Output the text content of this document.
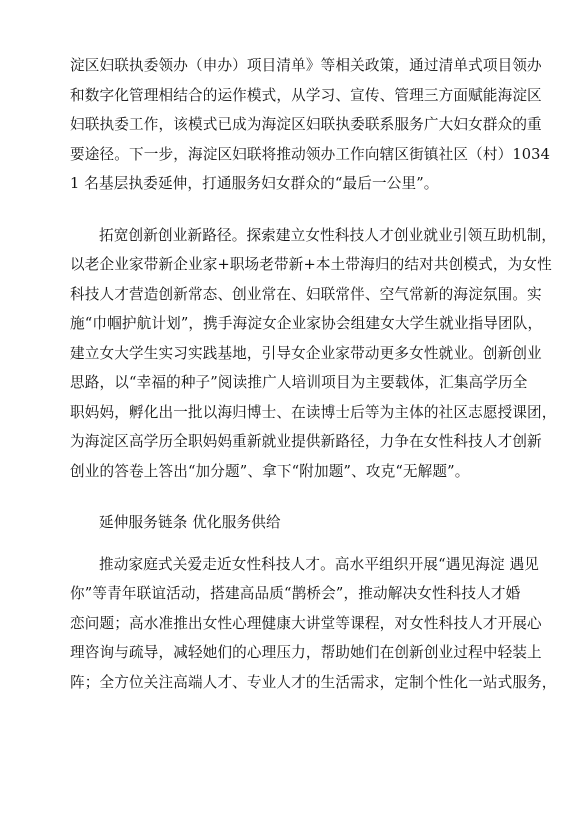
淀区妇联执委领办（申办）项目清单》等相关政策，通过清单式项目领办
和数字化管理相结合的运作模式，从学习、宣传、管理三方面赋能海淀区
妇联执委工作，该模式已成为海淀区妇联执委联系服务广大妇女群众的重
要途径。下一步，海淀区妇联将推动领办工作向辖区街镇社区（村）1034
1 名基层执委延伸，打通服务妇女群众的“最后一公里”。
拓宽创新创业新路径。探索建立女性科技人才创业就业引领互助机制，
以老企业家带新企业家+职场老带新+本土带海归的结对共创模式，为女性
科技人才营造创新常态、创业常在、妇联常伴、空气常新的海淀氛围。实
施“巾帼护航计划”，携手海淀女企业家协会组建女大学生就业指导团队，
建立女大学生实习实践基地，引导女企业家带动更多女性就业。创新创业
思路，以“幸福的种子”阅读推广人培训项目为主要载体，汇集高学历全
职妈妈，孵化出一批以海归博士、在读博士后等为主体的社区志愿授课团，
为海淀区高学历全职妈妈重新就业提供新路径，力争在女性科技人才创新
创业的答卷上答出“加分题”、拿下“附加题”、攻克“无解题”。
延伸服务链条 优化服务供给
推动家庭式关爱走近女性科技人才。高水平组织开展“遇见海淀 遇见
你”等青年联谊活动，搭建高品质“鹊桥会”，推动解决女性科技人才婚
恋问题；高水准推出女性心理健康大讲堂等课程，对女性科技人才开展心
理咨询与疏导，减轻她们的心理压力，帮助她们在创新创业过程中轻装上
阵；全方位关注高端人才、专业人才的生活需求，定制个性化一站式服务，
